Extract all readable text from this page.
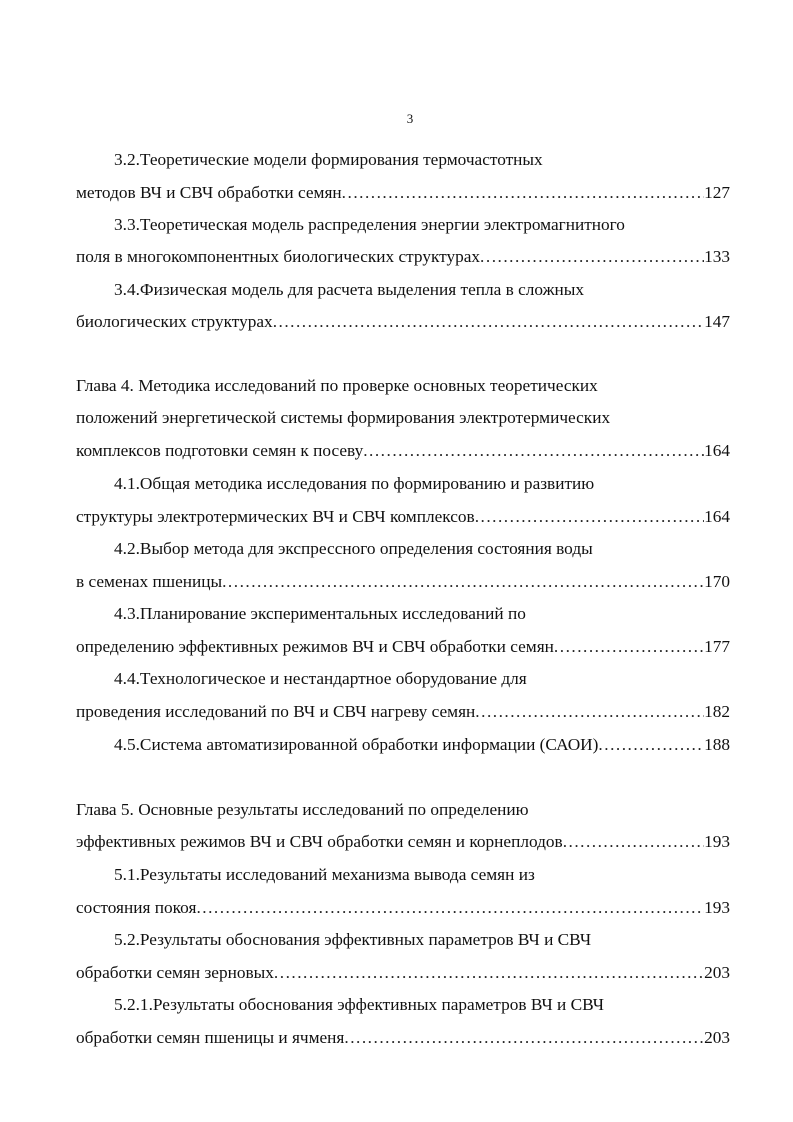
3
3.2.Теоретические модели формирования термочастотных
методов ВЧ и СВЧ обработки семян .....	127
3.3.Теоретическая модель распределения энергии электромагнитного
поля в многокомпонентных биологических структурах .....	133
3.4.Физическая модель для расчета выделения тепла в сложных
биологических структурах .....	147
Глава 4. Методика исследований по проверке основных теоретических
положений энергетической системы формирования электротермических
комплексов подготовки семян к посеву .....	164
4.1.Общая методика исследования по формированию и развитию
структуры электротермических ВЧ и СВЧ комплексов .....	164
4.2.Выбор метода для экспрессного определения состояния воды
в семенах пшеницы .....	170
4.3.Планирование экспериментальных исследований по
определению эффективных режимов ВЧ и СВЧ обработки семян .....	177
4.4.Технологическое и нестандартное оборудование для
проведения исследований по ВЧ и СВЧ нагреву семян .....	182
4.5.Система автоматизированной обработки информации (САОИ) .....	188
Глава 5. Основные результаты исследований по определению
эффективных режимов ВЧ и СВЧ обработки семян и корнеплодов .....	193
5.1.Результаты исследований механизма вывода семян из
состояния покоя .....	193
5.2.Результаты обоснования эффективных параметров ВЧ и СВЧ
обработки семян зерновых .....	203
5.2.1.Результаты обоснования эффективных параметров ВЧ и СВЧ
обработки семян пшеницы и ячменя .....	203
